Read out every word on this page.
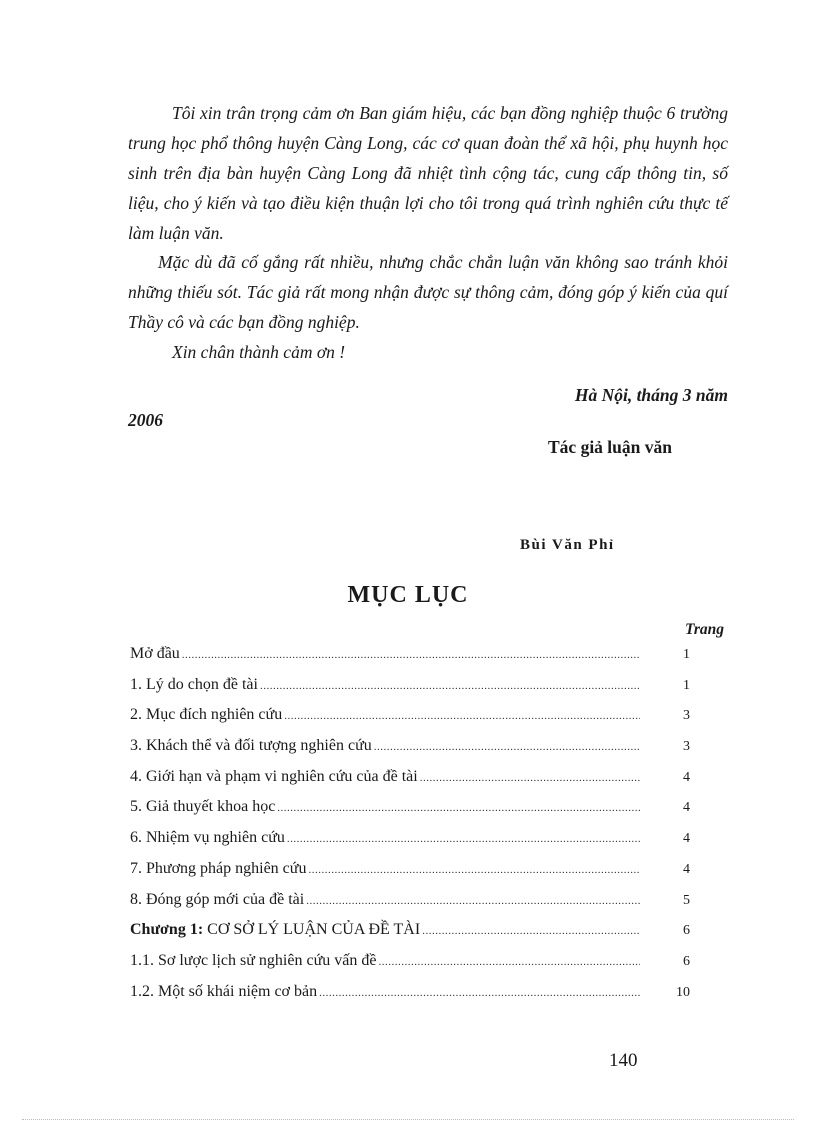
Tôi xin trân trọng cảm ơn Ban giám hiệu, các bạn đồng nghiệp thuộc 6 trường trung học phổ thông huyện Càng Long, các cơ quan đoàn thể xã hội, phụ huynh học sinh trên địa bàn huyện Càng Long đã nhiệt tình cộng tác, cung cấp thông tin, số liệu, cho ý kiến và tạo điều kiện thuận lợi cho tôi trong quá trình nghiên cứu thực tế làm luận văn.

Mặc dù đã cố gắng rất nhiều, nhưng chắc chắn luận văn không sao tránh khỏi những thiếu sót. Tác giả rất mong nhận được sự thông cảm, đóng góp ý kiến của quí Thầy cô và các bạn đồng nghiệp.

Xin chân thành cảm ơn !

Hà Nội, tháng 3 năm

2006

Tác giả luận văn

Bùi Văn Phỉ

MỤC LỤC

Trang

Mở đầu .....	1
1. Lý do chọn đề tài .....	1
2. Mục đích nghiên cứu .....	3
3. Khách thể và đối tượng nghiên cứu .....	3
4. Giới hạn và phạm vi nghiên cứu của đề tài .....	4
5. Giả thuyết khoa học .....	4
6. Nhiệm vụ nghiên cứu .....	4
7. Phương pháp nghiên cứu .....	4
8. Đóng góp mới của đề tài .....	5
Chương 1: CƠ SỞ LÝ LUẬN CỦA ĐỀ TÀI .....	6
1.1. Sơ lược lịch sử nghiên cứu vấn đề .....	6
1.2. Một số khái niệm cơ bản .....	10

140
